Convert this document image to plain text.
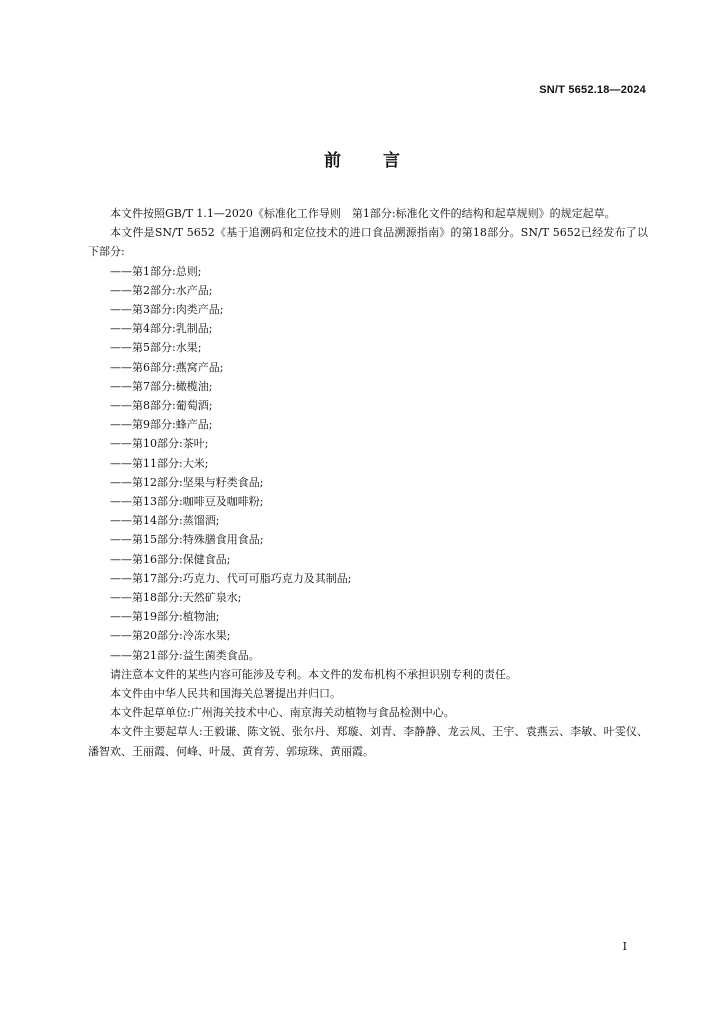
SN/T 5652.18—2024
前 言

本文件按照GB/T 1.1—2020《标准化工作导则　第1部分:标准化文件的结构和起草规则》的规定起草。

本文件是SN/T 5652《基于追溯码和定位技术的进口食品溯源指南》的第18部分。SN/T 5652已经发布了以下部分:

——第1部分:总则;
——第2部分:水产品;
——第3部分:肉类产品;
——第4部分:乳制品;
——第5部分:水果;
——第6部分:燕窝产品;
——第7部分:橄榄油;
——第8部分:葡萄酒;
——第9部分:蜂产品;
——第10部分:茶叶;
——第11部分:大米;
——第12部分:坚果与籽类食品;
——第13部分:咖啡豆及咖啡粉;
——第14部分:蒸馏酒;
——第15部分:特殊膳食用食品;
——第16部分:保健食品;
——第17部分:巧克力、代可可脂巧克力及其制品;
——第18部分:天然矿泉水;
——第19部分:植物油;
——第20部分:冷冻水果;
——第21部分:益生菌类食品。

请注意本文件的某些内容可能涉及专利。本文件的发布机构不承担识别专利的责任。

本文件由中华人民共和国海关总署提出并归口。

本文件起草单位:广州海关技术中心、南京海关动植物与食品检测中心。

本文件主要起草人:王毅谦、陈文锐、张尔丹、郑璇、刘青、李静静、龙云凤、王宇、袁燕云、李敏、叶雯仪、潘智欢、王丽霞、何峰、叶晟、黄育芳、郭琼珠、黄丽霞。

I
